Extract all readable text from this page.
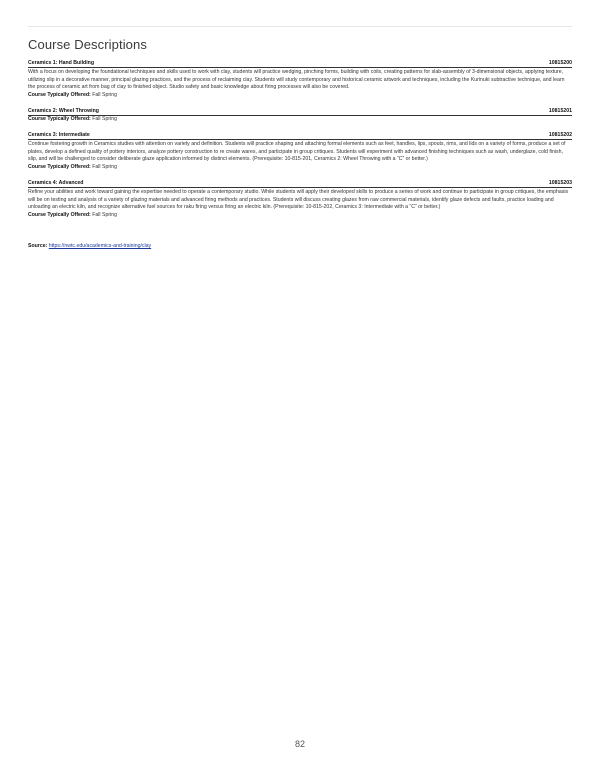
Course Descriptions
Ceramics 1: Hand Building	10815200
With a focus on developing the foundational techniques and skills used to work with clay, students will practice wedging, pinching forms, building with coils, creating patterns for slab-assembly of 3-dimensional objects, applying texture, utilizing slip in a decorative manner, principal glazing practices, and the process of reclaiming clay. Students will study contemporary and historical ceramic artwork and techniques, including the Kurinuki subtractive technique, and learn the process of ceramic art from bag of clay to finished object. Studio safety and basic knowledge about firing processes will also be covered.
Course Typically Offered: Fall Spring
Ceramics 2: Wheel Throwing	10815201
Course Typically Offered: Fall Spring
Ceramics 3: Intermediate	10815202
Continue fostering growth in Ceramics studies with attention on variety and definition. Students will practice shaping and attaching formal elements such as feet, handles, lips, spouts, rims, and lids on a variety of forms, produce a set of plates, develop a defined quality of pottery interiors, analyze pottery construction to re create wares, and participate in group critiques. Students will experiment with advanced finishing techniques such as wash, underglaze, cold finish, slip, and will be challenged to consider deliberate glaze application informed by distinct elements. (Prerequisite: 10-815-201, Ceramics 2: Wheel Throwing with a “C” or better.)
Course Typically Offered: Fall Spring
Ceramics 4: Advanced	10815203
Refine your abilities and work toward gaining the expertise needed to operate a contemporary studio. While students will apply their developed skills to produce a series of work and continue to participate in group critiques, the emphasis will be on testing and analysis of a variety of glazing materials and advanced firing methods and practices. Students will discuss creating glazes from raw commercial materials, identify glaze defects and faults, practice loading and unloading an electric kiln, and recognize alternative fuel sources for raku firing versus firing an electric kiln. (Prerequisite: 10-815-202, Ceramics 3: Intermediate with a “C” or better.)
Course Typically Offered: Fall Spring
Source: https://nwtc.edu/academics-and-training/clay
82
